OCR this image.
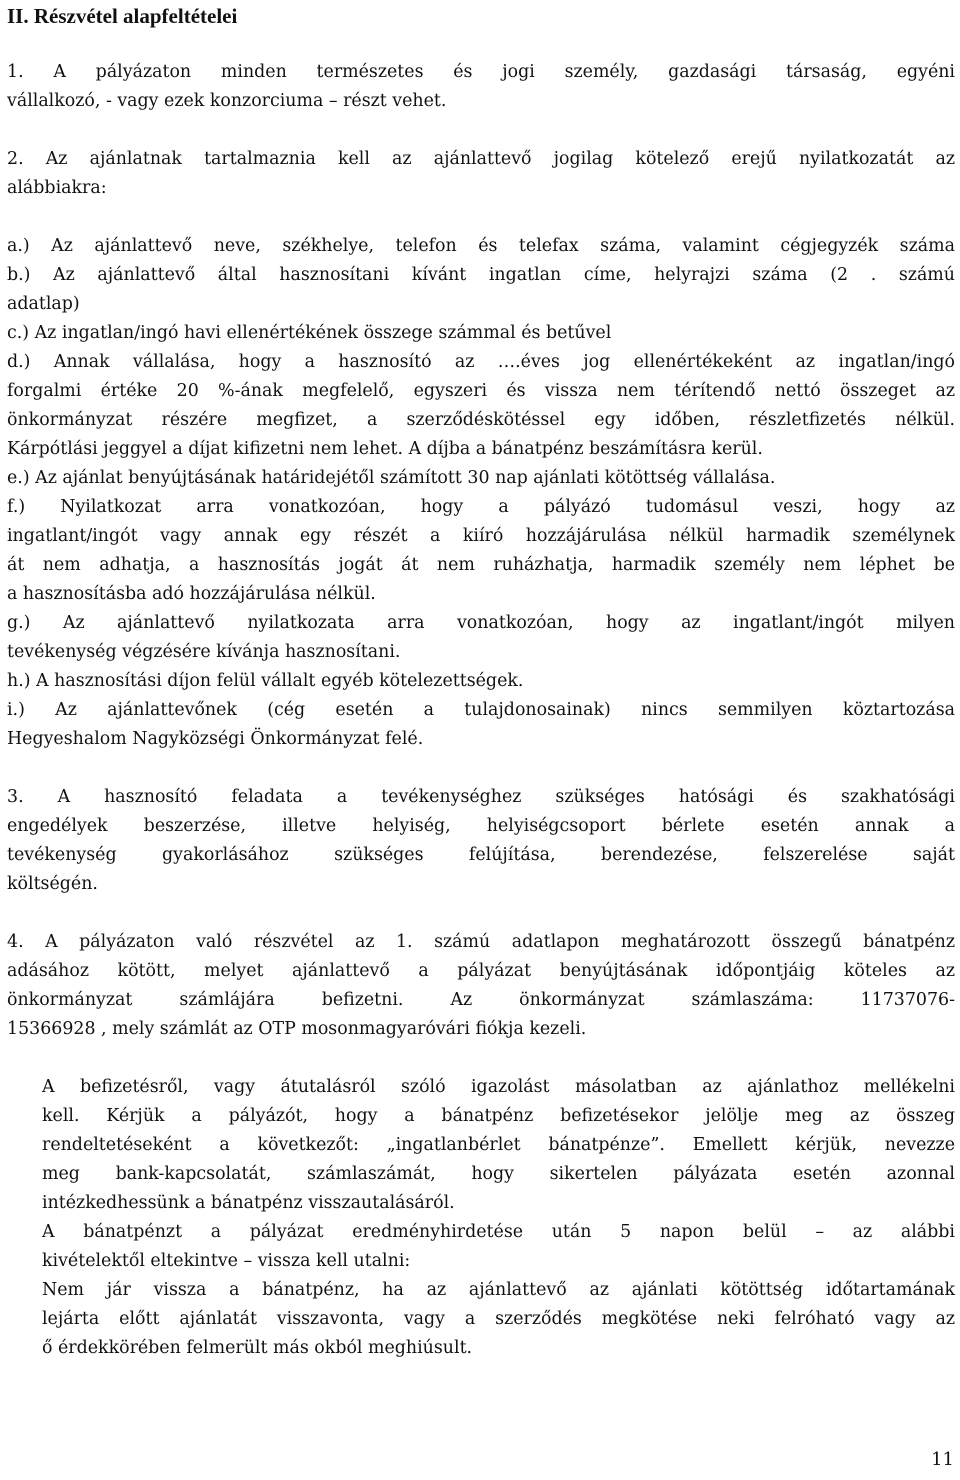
II. Részvétel alapfeltételei
1. A pályázaton minden természetes és jogi személy, gazdasági társaság, egyéni
vállalkozó, - vagy ezek konzorciuma – részt vehet.
2. Az ajánlatnak tartalmaznia kell az ajánlattevő jogilag kötelező erejű nyilatkozatát az
alábbiakra:
a.) Az ajánlattevő neve, székhelye, telefon és telefax száma, valamint cégjegyzék száma
b.) Az ajánlattevő által hasznosítani kívánt ingatlan címe, helyrajzi száma (2 . számú
adatlap)
c.) Az ingatlan/ingó havi ellenértékének összege számmal és betűvel
d.) Annak vállalása, hogy a hasznosító az ….éves jog ellenértékeként az ingatlan/ingó
forgalmi értéke 20 %-ának megfelelő, egyszeri és vissza nem térítendő nettó összeget az
önkormányzat részére megfizet, a szerződéskötéssel egy időben, részletfizetés nélkül.
Kárpótlási jeggyel a díjat kifizetni nem lehet. A díjba a bánatpénz beszámításra kerül.
e.) Az ajánlat benyújtásának határidejétől számított 30 nap ajánlati kötöttség vállalása.
f.) Nyilatkozat arra vonatkozóan, hogy a pályázó tudomásul veszi, hogy az
ingatlant/ingót vagy annak egy részét a kiíró hozzájárulása nélkül harmadik személynek
át nem adhatja, a hasznosítás jogát át nem ruházhatja, harmadik személy nem léphet be
a hasznosításba adó hozzájárulása nélkül.
g.) Az ajánlattevő nyilatkozata arra vonatkozóan, hogy az ingatlant/ingót milyen
tevékenység végzésére kívánja hasznosítani.
h.) A hasznosítási díjon felül vállalt egyéb kötelezettségek.
i.) Az ajánlattevőnek (cég esetén a tulajdonosainak) nincs semmilyen köztartozása
Hegyeshalom Nagyközségi Önkormányzat felé.
3. A hasznosító feladata a tevékenységhez szükséges hatósági és szakhatósági
engedélyek beszerzése, illetve helyiség, helyiségcsoport bérlete esetén annak a
tevékenység gyakorlásához szükséges felújítása, berendezése, felszerelése saját
költségén.
4. A pályázaton való részvétel az 1. számú adatlapon meghatározott összegű bánatpénz
adásához kötött, melyet ajánlattevő a pályázat benyújtásának időpontjáig köteles az
önkormányzat számlájára befizetni. Az önkormányzat számlaszáma: 11737076-
15366928 , mely számlát az OTP mosonmagyaróvári fiókja kezeli.
A befizetésről, vagy átutalásról szóló igazolást másolatban az ajánlathoz mellékelni
kell. Kérjük a pályázót, hogy a bánatpénz befizetésekor jelölje meg az összeg
rendeltetéseként a következőt: „ingatlanbérlet bánatpénze”. Emellett kérjük, nevezze
meg bank-kapcsolatát, számlaszámát, hogy sikertelen pályázata esetén azonnal
intézkedhessünk a bánatpénz visszautalásáról.
A bánatpénzt a pályázat eredményhirdetése után 5 napon belül – az alábbi
kivételektől eltekintve – vissza kell utalni:
Nem jár vissza a bánatpénz, ha az ajánlattevő az ajánlati kötöttség időtartamának
lejárta előtt ajánlatát visszavonta, vagy a szerződés megkötése neki felróható vagy az
ő érdekkörében felmerült más okból meghiúsult.
11
